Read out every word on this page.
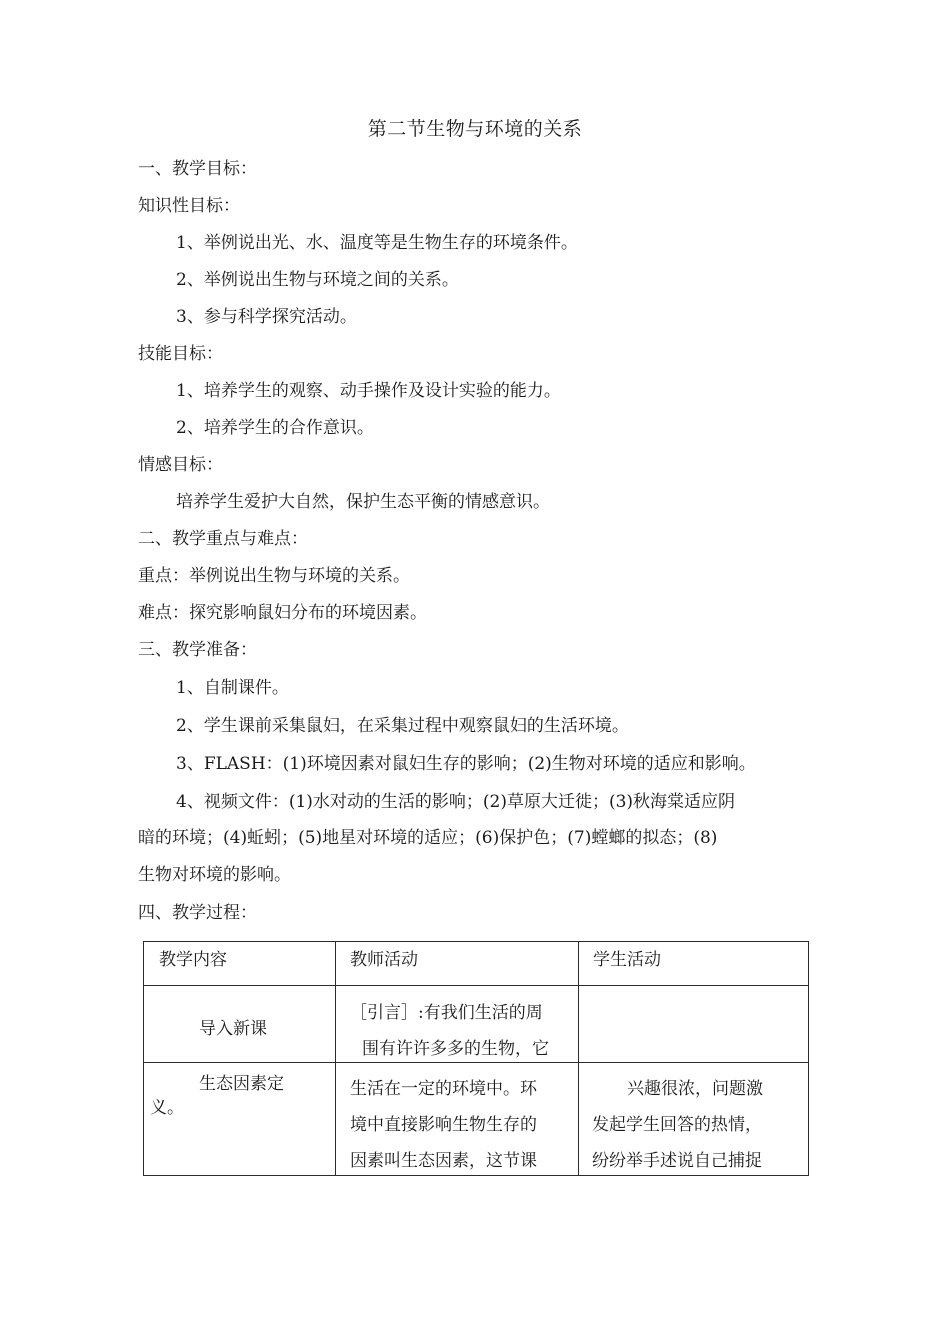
第二节生物与环境的关系
一、教学目标：
知识性目标：
1、举例说出光、水、温度等是生物生存的环境条件。
2、举例说出生物与环境之间的关系。
3、参与科学探究活动。
技能目标：
1、培养学生的观察、动手操作及设计实验的能力。
2、培养学生的合作意识。
情感目标：
培养学生爱护大自然，保护生态平衡的情感意识。
二、教学重点与难点：
重点：举例说出生物与环境的关系。
难点：探究影响鼠妇分布的环境因素。
三、教学准备：
1、自制课件。
2、学生课前采集鼠妇，在采集过程中观察鼠妇的生活环境。
3、FLASH：(1)环境因素对鼠妇生存的影响；(2)生物对环境的适应和影响。
4、视频文件：(1)水对动的生活的影响；(2)草原大迁徙；(3)秋海棠适应阴
暗的环境；(4)蚯蚓；(5)地星对环境的适应；(6)保护色；(7)螳螂的拟态；(8)
生物对环境的影响。
四、教学过程：
教学内容	教师活动	学生活动

导入新课	［引言］:有我们生活的周
围有许许多多的生物，它	

生态因素定
义。	生活在一定的环境中。环
境中直接影响生物生存的
因素叫生态因素，这节课	兴趣很浓，问题激
发起学生回答的热情，
纷纷举手述说自己捕捉
